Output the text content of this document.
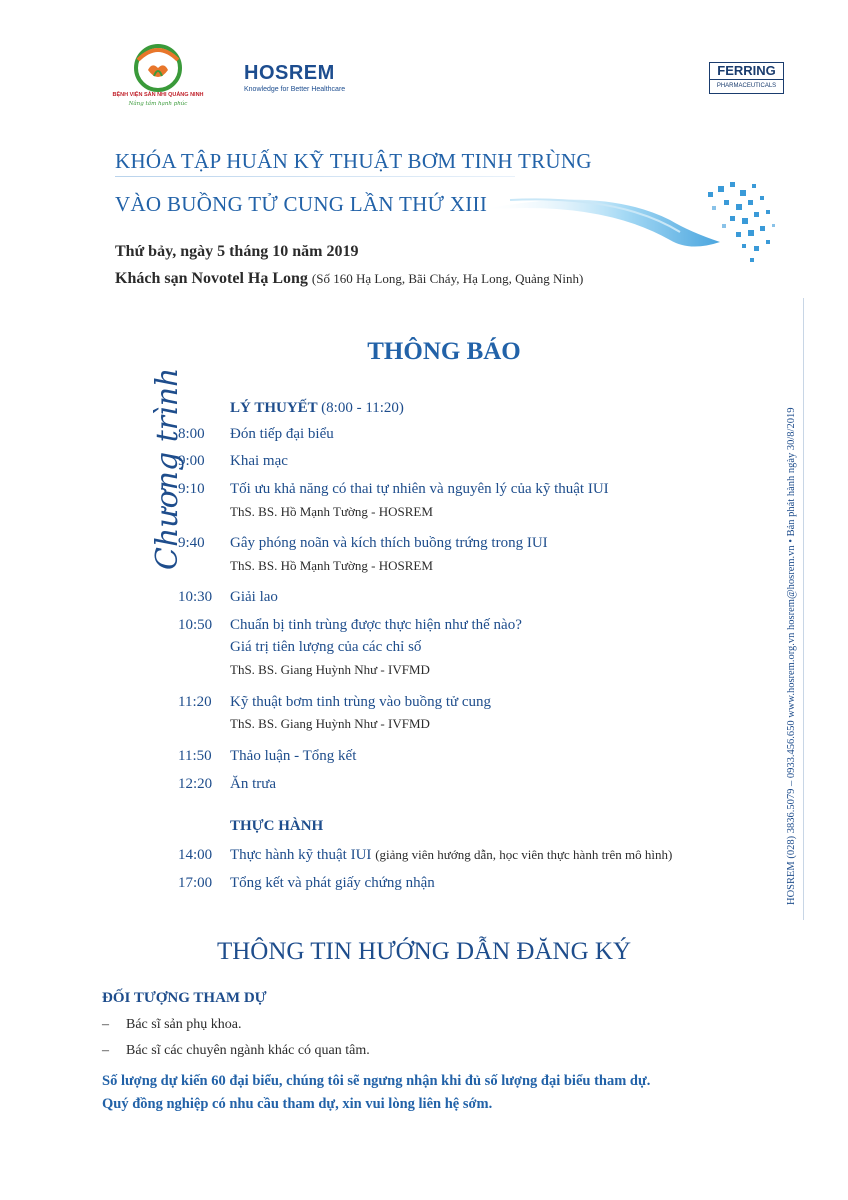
BỆNH VIỆN SẢN NHI QUẢNG NINH
Nâng tầm hạnh phúc
HOSREM
Knowledge for Better Healthcare
FERRING
PHARMACEUTICALS
KHÓA TẬP HUẤN KỸ THUẬT BƠM TINH TRÙNG
VÀO BUỒNG TỬ CUNG LẦN THỨ XIII
Thứ bảy, ngày 5 tháng 10 năm 2019
Khách sạn Novotel Hạ Long (Số 160 Hạ Long, Bãi Cháy, Hạ Long, Quảng Ninh)
THÔNG BÁO
HOSREM (028) 3836.5079 – 0933.456.650 www.hosrem.org.vn hosrem@hosrem.vn • Bản phát hành ngày 30/8/2019
Chương trình	LÝ THUYẾT (8:00 - 11:20)
8:00 Đón tiếp đại biểu
9:00 Khai mạc
9:10 Tối ưu khả năng có thai tự nhiên và nguyên lý của kỹ thuật IUI
ThS. BS. Hồ Mạnh Tường - HOSREM
9:40 Gây phóng noãn và kích thích buồng trứng trong IUI
ThS. BS. Hồ Mạnh Tường - HOSREM
10:30 Giải lao
10:50 Chuẩn bị tinh trùng được thực hiện như thế nào?
Giá trị tiên lượng của các chỉ số
ThS. BS. Giang Huỳnh Như - IVFMD
11:20 Kỹ thuật bơm tinh trùng vào buồng tử cung
ThS. BS. Giang Huỳnh Như - IVFMD
11:50 Thảo luận - Tổng kết
12:20 Ăn trưa
THỰC HÀNH
14:00 Thực hành kỹ thuật IUI (giảng viên hướng dẫn, học viên thực hành trên mô hình)
17:00 Tổng kết và phát giấy chứng nhận
THÔNG TIN HƯỚNG DẪN ĐĂNG KÝ
ĐỐI TƯỢNG THAM DỰ
– Bác sĩ sản phụ khoa.
– Bác sĩ các chuyên ngành khác có quan tâm.
Số lượng dự kiến 60 đại biểu, chúng tôi sẽ ngưng nhận khi đủ số lượng đại biểu tham dự.
Quý đồng nghiệp có nhu cầu tham dự, xin vui lòng liên hệ sớm.
